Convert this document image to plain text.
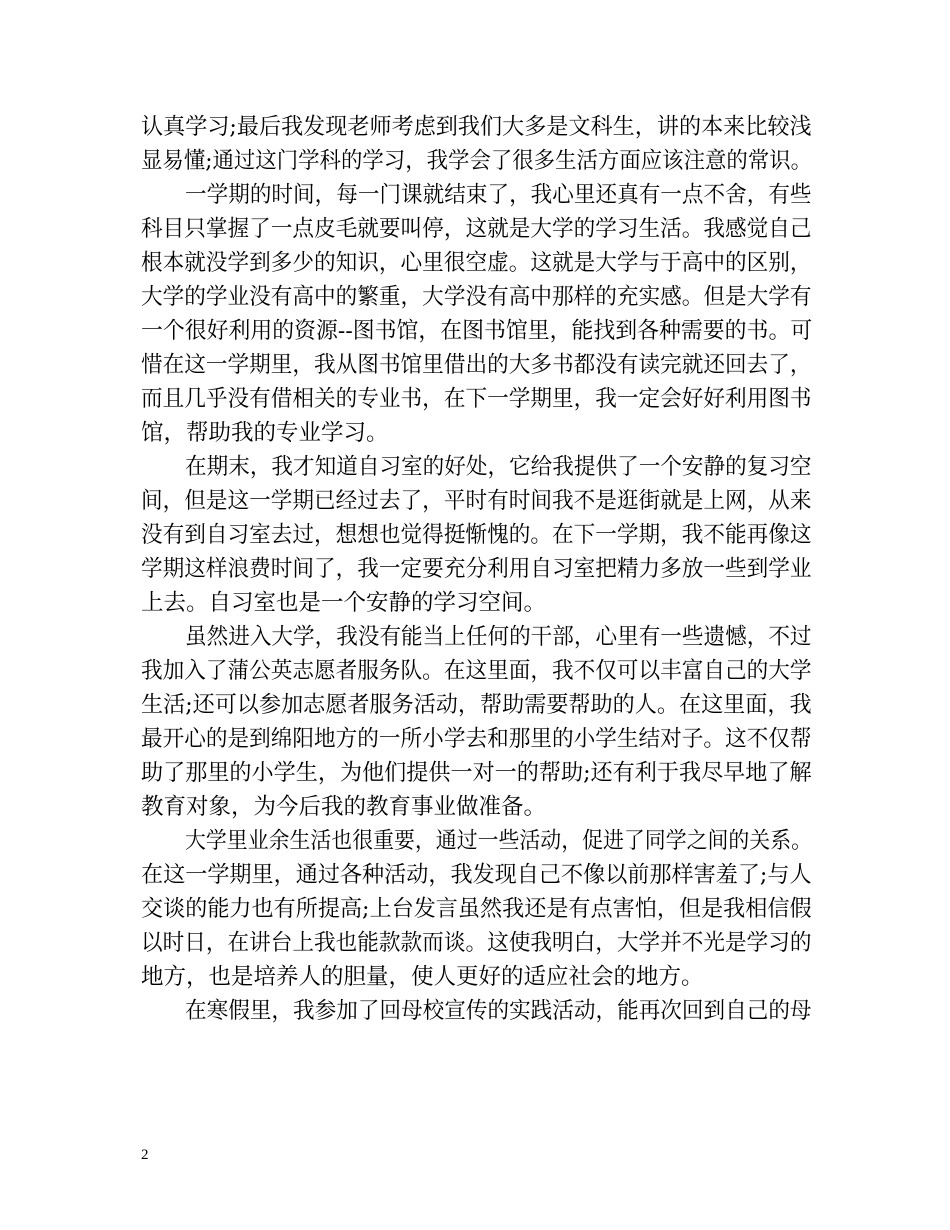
认真学习;最后我发现老师考虑到我们大多是文科生，讲的本来比较浅
显易懂;通过这门学科的学习，我学会了很多生活方面应该注意的常识。
一学期的时间，每一门课就结束了，我心里还真有一点不舍，有些
科目只掌握了一点皮毛就要叫停，这就是大学的学习生活。我感觉自己
根本就没学到多少的知识，心里很空虚。这就是大学与于高中的区别，
大学的学业没有高中的繁重，大学没有高中那样的充实感。但是大学有
一个很好利用的资源--图书馆，在图书馆里，能找到各种需要的书。可
惜在这一学期里，我从图书馆里借出的大多书都没有读完就还回去了，
而且几乎没有借相关的专业书，在下一学期里，我一定会好好利用图书
馆，帮助我的专业学习。
在期末，我才知道自习室的好处，它给我提供了一个安静的复习空
间，但是这一学期已经过去了，平时有时间我不是逛街就是上网，从来
没有到自习室去过，想想也觉得挺惭愧的。在下一学期，我不能再像这
学期这样浪费时间了，我一定要充分利用自习室把精力多放一些到学业
上去。自习室也是一个安静的学习空间。
虽然进入大学，我没有能当上任何的干部，心里有一些遗憾，不过
我加入了蒲公英志愿者服务队。在这里面，我不仅可以丰富自己的大学
生活;还可以参加志愿者服务活动，帮助需要帮助的人。在这里面，我
最开心的是到绵阳地方的一所小学去和那里的小学生结对子。这不仅帮
助了那里的小学生，为他们提供一对一的帮助;还有利于我尽早地了解
教育对象，为今后我的教育事业做准备。
大学里业余生活也很重要，通过一些活动，促进了同学之间的关系。
在这一学期里，通过各种活动，我发现自己不像以前那样害羞了;与人
交谈的能力也有所提高;上台发言虽然我还是有点害怕，但是我相信假
以时日，在讲台上我也能款款而谈。这使我明白，大学并不光是学习的
地方，也是培养人的胆量，使人更好的适应社会的地方。
在寒假里，我参加了回母校宣传的实践活动，能再次回到自己的母
2
